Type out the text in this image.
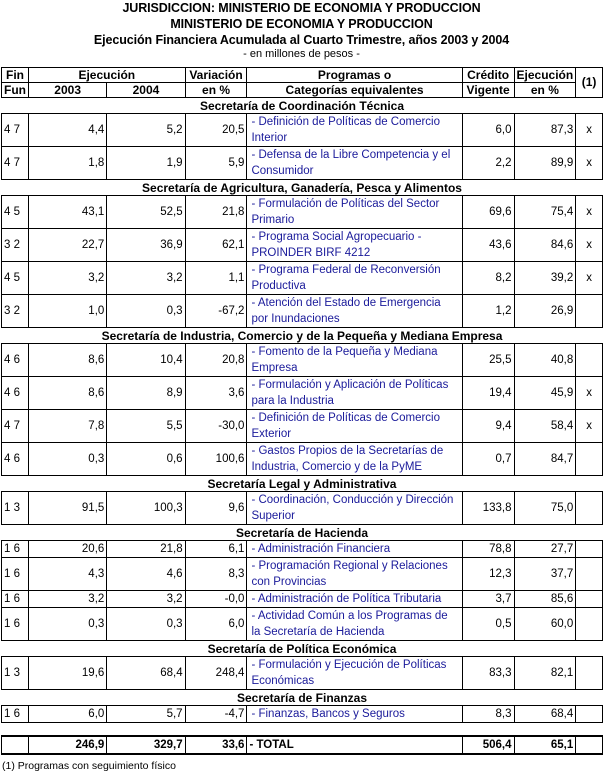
JURISDICCION: MINISTERIO DE ECONOMIA Y PRODUCCION
MINISTERIO DE ECONOMIA Y PRODUCCION
Ejecución Financiera Acumulada al Cuarto Trimestre, años 2003 y 2004
- en millones de pesos -
Fin	Ejecución		Variación	Programas o	Crédito	Ejecución	(1)
Fun	2003	2004	en %	Categorías equivalentes	Vigente	en %	
Secretaría de Coordinación Técnica							
4 7	4,4	5,2	20,5	- Definición de Políticas de Comercio Interior	6,0	87,3	x
4 7	1,8	1,9	5,9	- Defensa de la Libre Competencia y el Consumidor	2,2	89,9	x
Secretaría de Agricultura, Ganadería, Pesca y Alimentos							
4 5	43,1	52,5	21,8	- Formulación de Políticas del Sector Primario	69,6	75,4	x
3 2	22,7	36,9	62,1	- Programa Social Agropecuario - PROINDER BIRF 4212	43,6	84,6	x
4 5	3,2	3,2	1,1	- Programa Federal de Reconversión Productiva	8,2	39,2	x
3 2	1,0	0,3	-67,2	- Atención del Estado de Emergencia por Inundaciones	1,2	26,9	
Secretaría de Industria, Comercio y de la Pequeña y Mediana Empresa							
4 6	8,6	10,4	20,8	- Fomento de la Pequeña y Mediana Empresa	25,5	40,8	
4 6	8,6	8,9	3,6	- Formulación y Aplicación de Políticas para la Industria	19,4	45,9	x
4 7	7,8	5,5	-30,0	- Definición de Políticas de Comercio Exterior	9,4	58,4	x
4 6	0,3	0,6	100,6	- Gastos Propios de la Secretarías de Industria, Comercio y de la PyME	0,7	84,7	
Secretaría Legal y Administrativa							
1 3	91,5	100,3	9,6	- Coordinación, Conducción y Dirección Superior	133,8	75,0	
Secretaría de Hacienda							
1 6	20,6	21,8	6,1	- Administración Financiera	78,8	27,7	
1 6	4,3	4,6	8,3	- Programación Regional y Relaciones con Provincias	12,3	37,7	
1 6	3,2	3,2	-0,0	- Administración de Política Tributaria	3,7	85,6	
1 6	0,3	0,3	6,0	- Actividad Común a los Programas de la Secretaría de Hacienda	0,5	60,0	
Secretaría de Política Económica							
1 3	19,6	68,4	248,4	- Formulación y Ejecución de Políticas Económicas	83,3	82,1	
Secretaría de Finanzas							
1 6	6,0	5,7	-4,7	- Finanzas, Bancos y Seguros	8,3	68,4	

	246,9	329,7	33,6	- TOTAL	506,4	65,1	
(1) Programas con seguimiento físico
